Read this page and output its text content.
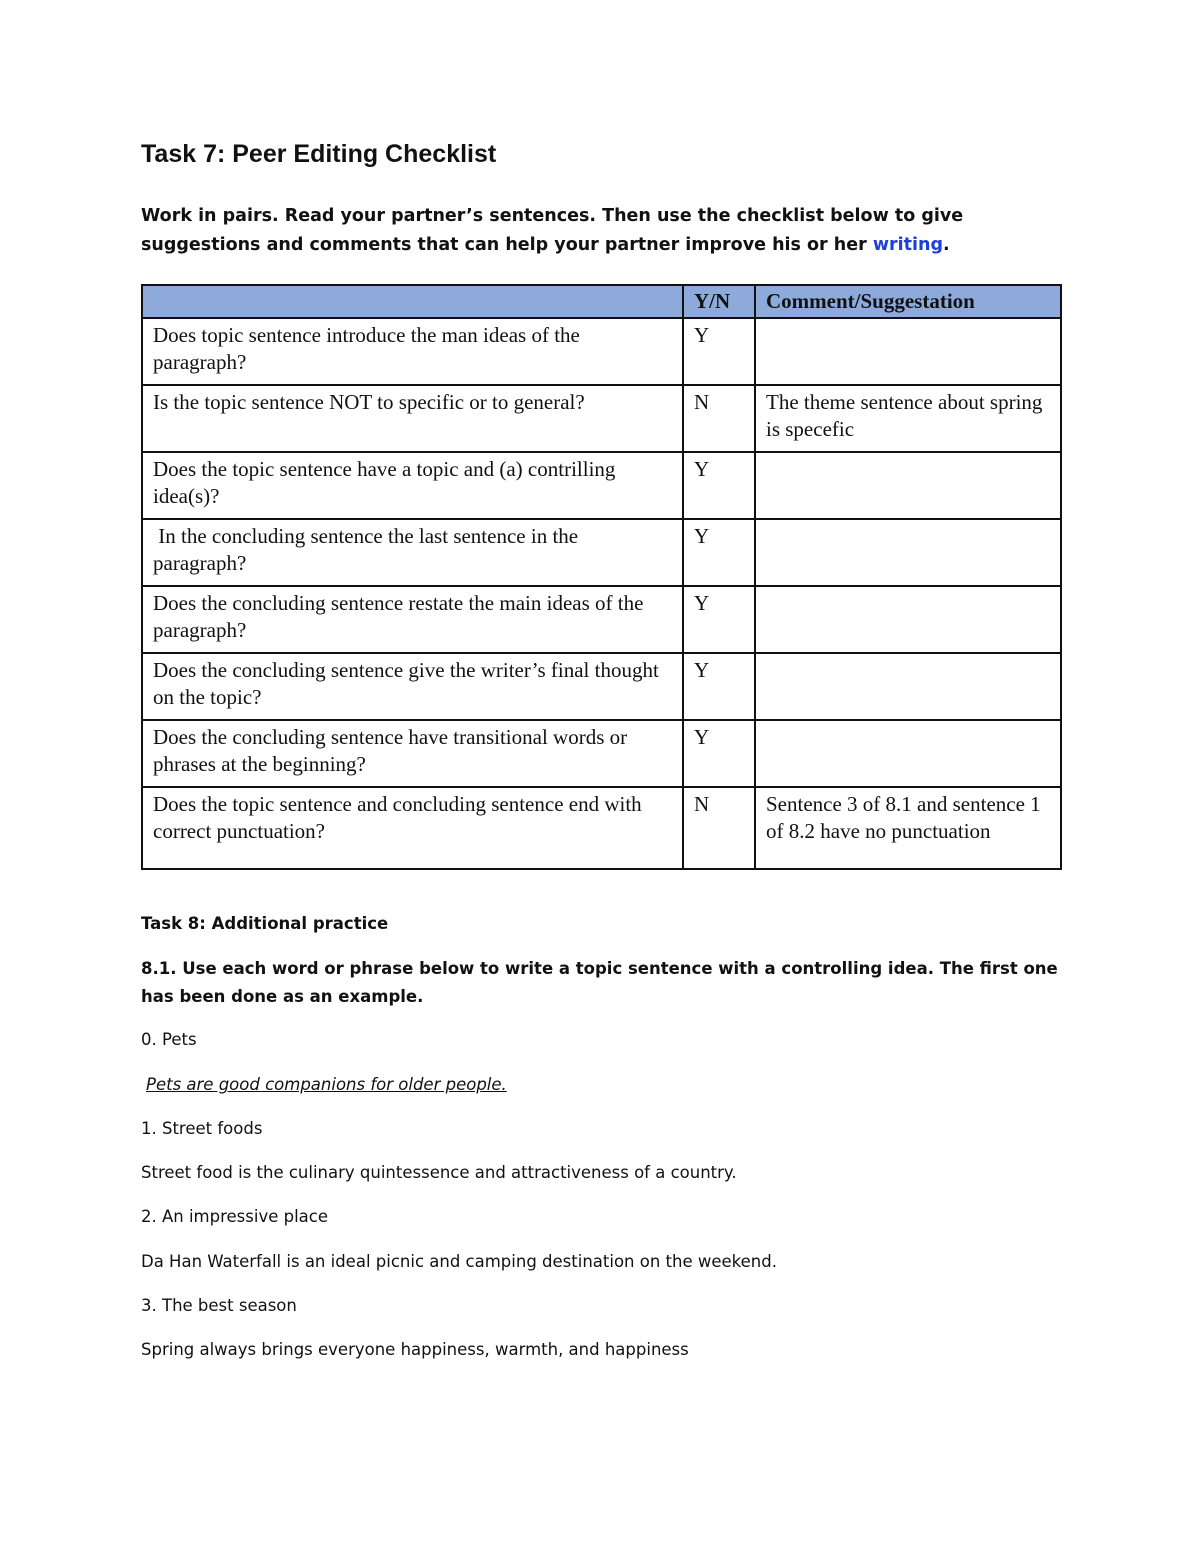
Task 7: Peer Editing Checklist

Work in pairs. Read your partner’s sentences. Then use the checklist below to give suggestions and comments that can help your partner improve his or her writing.

	Y/N	Comment/Suggestation
Does topic sentence introduce the man ideas of the paragraph?	Y	
Is the topic sentence NOT to specific or to general?	N	The theme sentence about spring is specefic
Does the topic sentence have a topic and (a) contrilling idea(s)?	Y	
In the concluding sentence the last sentence in the paragraph?	Y	
Does the concluding sentence restate the main ideas of the paragraph?	Y	
Does the concluding sentence give the writer’s final thought on the topic?	Y	
Does the concluding sentence have transitional words or phrases at the beginning?	Y	
Does the topic sentence and concluding sentence end with correct punctuation?	N	Sentence 3 of 8.1 and sentence 1 of 8.2 have no punctuation

Task 8: Additional practice

8.1. Use each word or phrase below to write a topic sentence with a controlling idea. The first one has been done as an example.

0. Pets

Pets are good companions for older people.

1. Street foods

Street food is the culinary quintessence and attractiveness of a country.

2. An impressive place

Da Han Waterfall is an ideal picnic and camping destination on the weekend.

3. The best season

Spring always brings everyone happiness, warmth, and happiness
